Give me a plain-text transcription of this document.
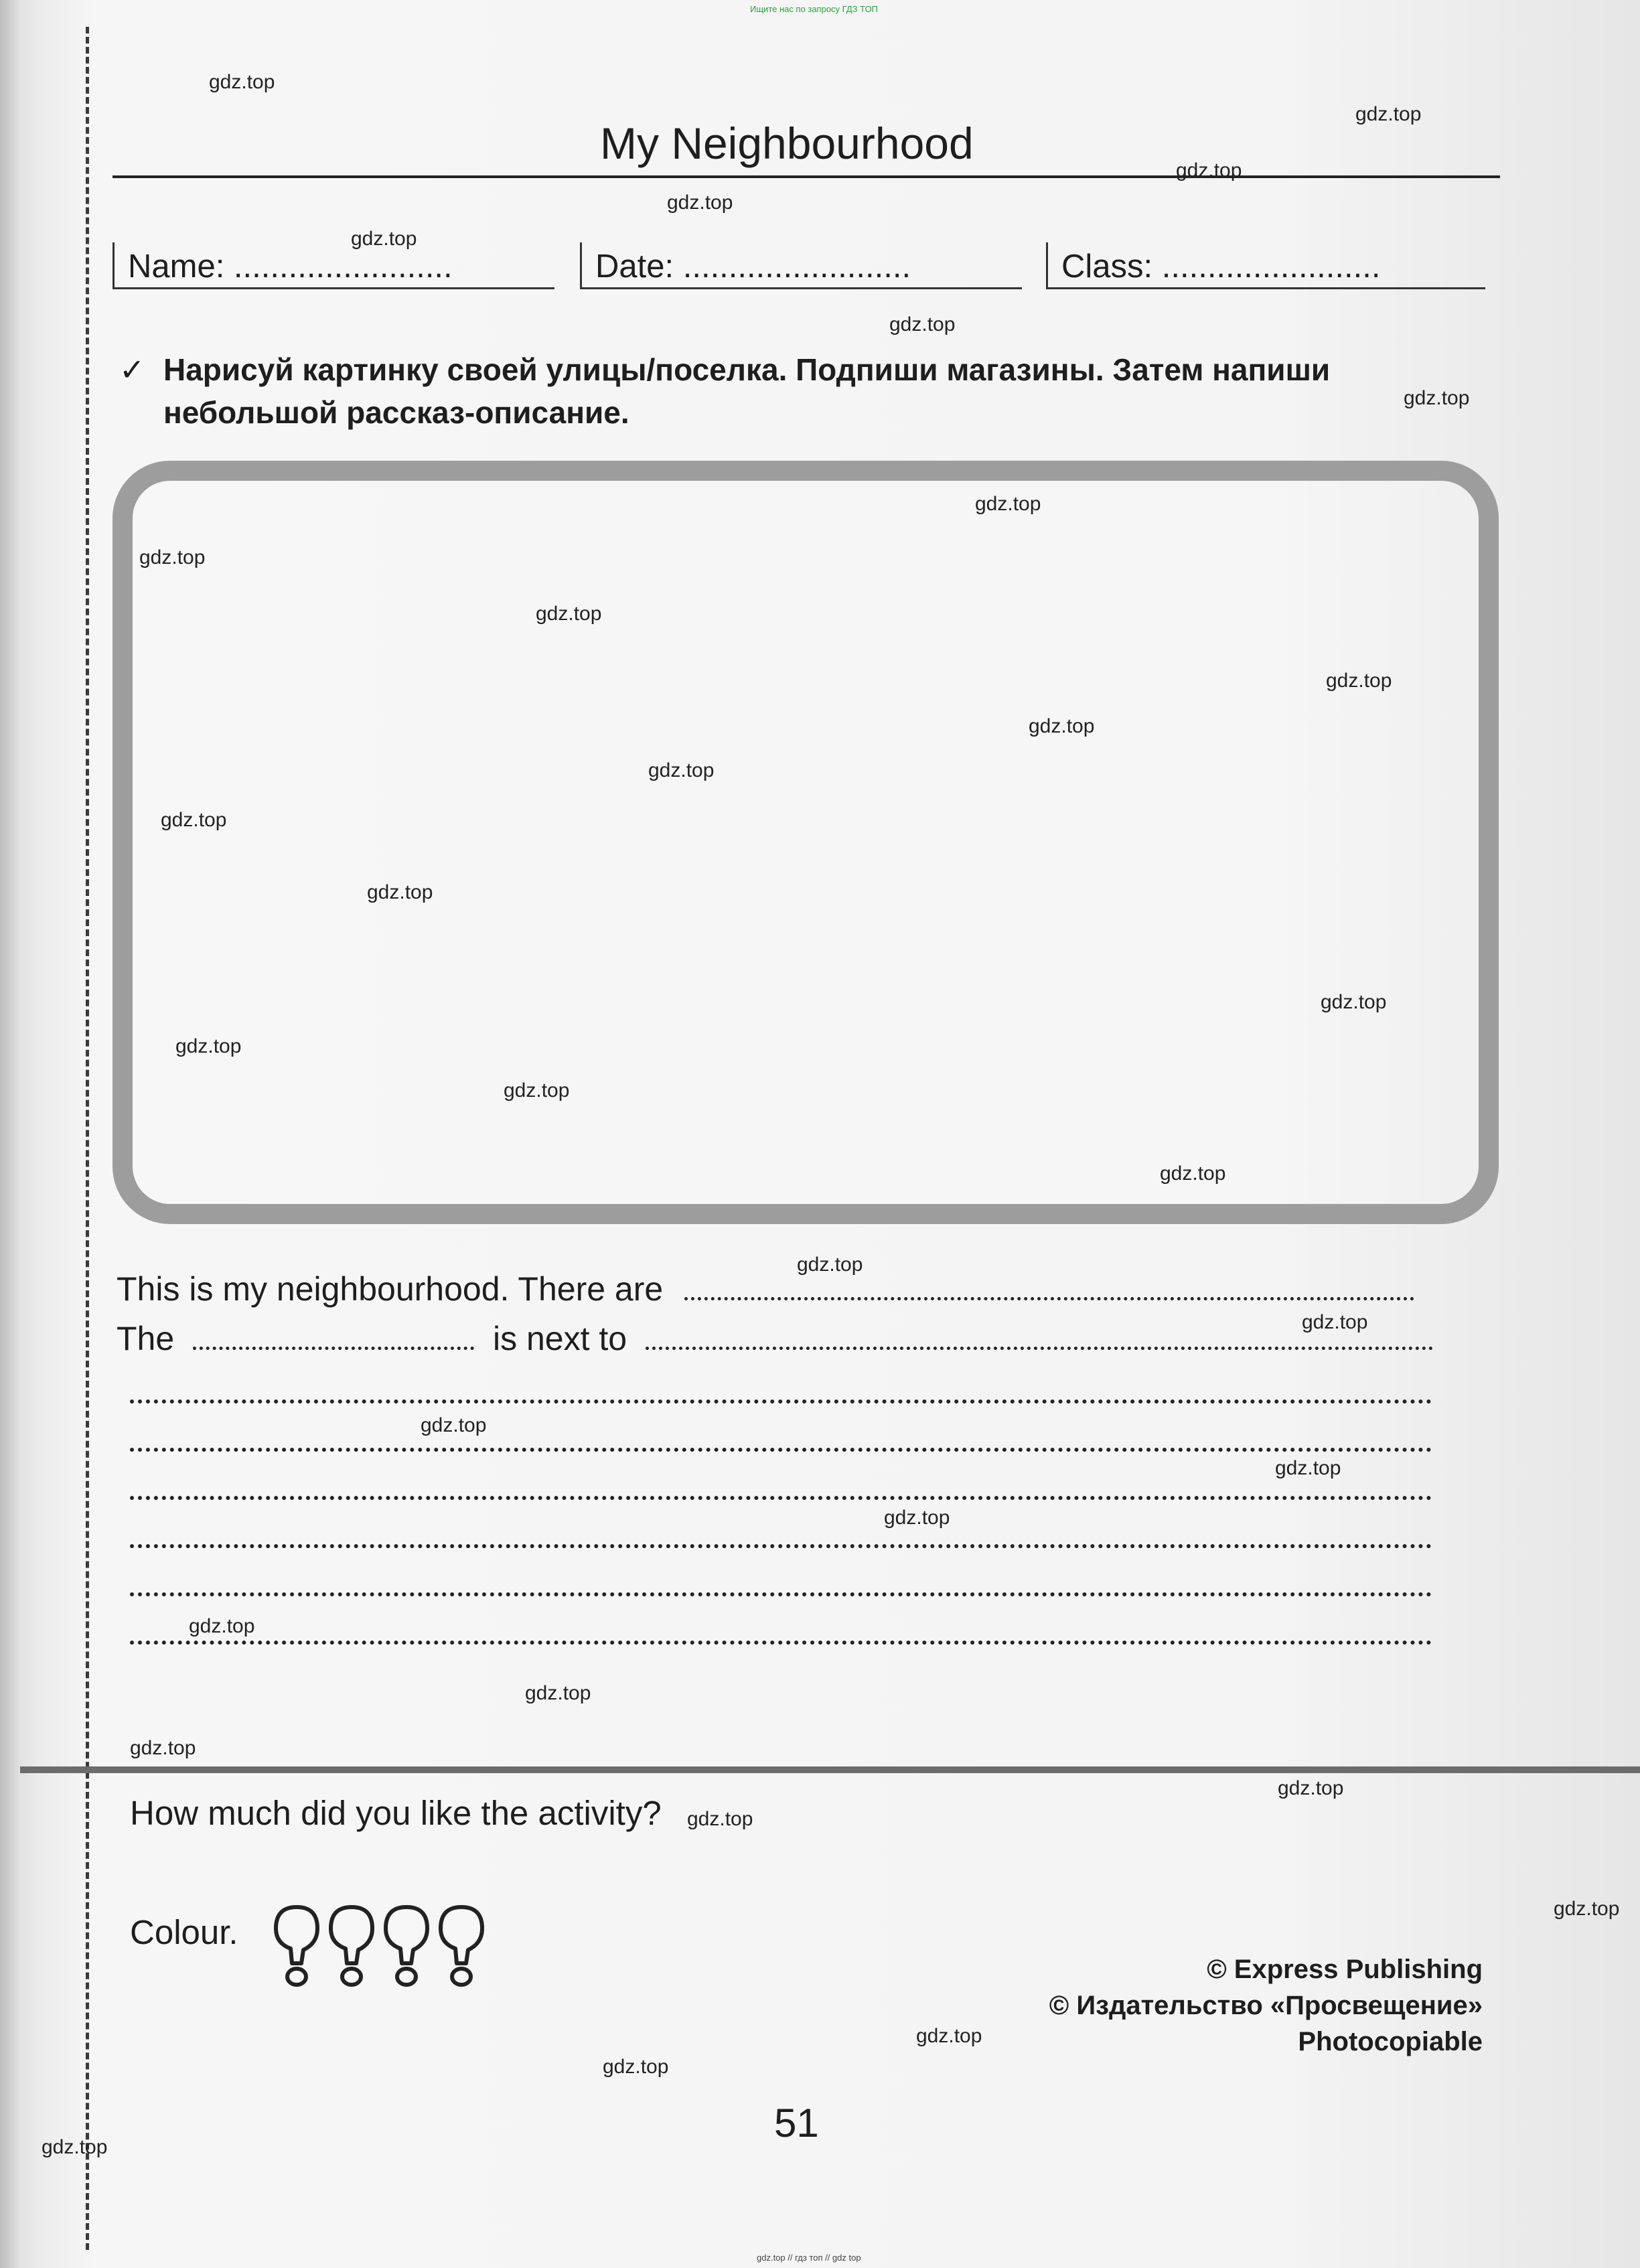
Ищите нас по запросу ГДЗ ТОП
My Neighbourhood
Name: ........................	Date: .........................	Class: ........................
✓ Нарисуй картинку своей улицы/поселка. Подпиши магазины. Затем напиши небольшой рассказ-описание.
This is my neighbourhood. There are
The	is next to
How much did you like the activity?
Colour.
© Express Publishing
© Издательство «Просвещение»
Photocopiable
51
gdz.top
gdz.top
gdz.top
gdz.top
gdz.top
gdz.top
gdz.top
gdz.top
gdz.top
gdz.top
gdz.top
gdz.top
gdz.top
gdz.top
gdz.top
gdz.top
gdz.top
gdz.top
gdz.top
gdz.top
gdz.top
gdz.top
gdz.top
gdz.top
gdz.top
gdz.top
gdz.top
gdz.top
gdz.top
gdz.top
gdz.top
gdz.top
gdz.top
gdz.top // гдз топ // gdz top
